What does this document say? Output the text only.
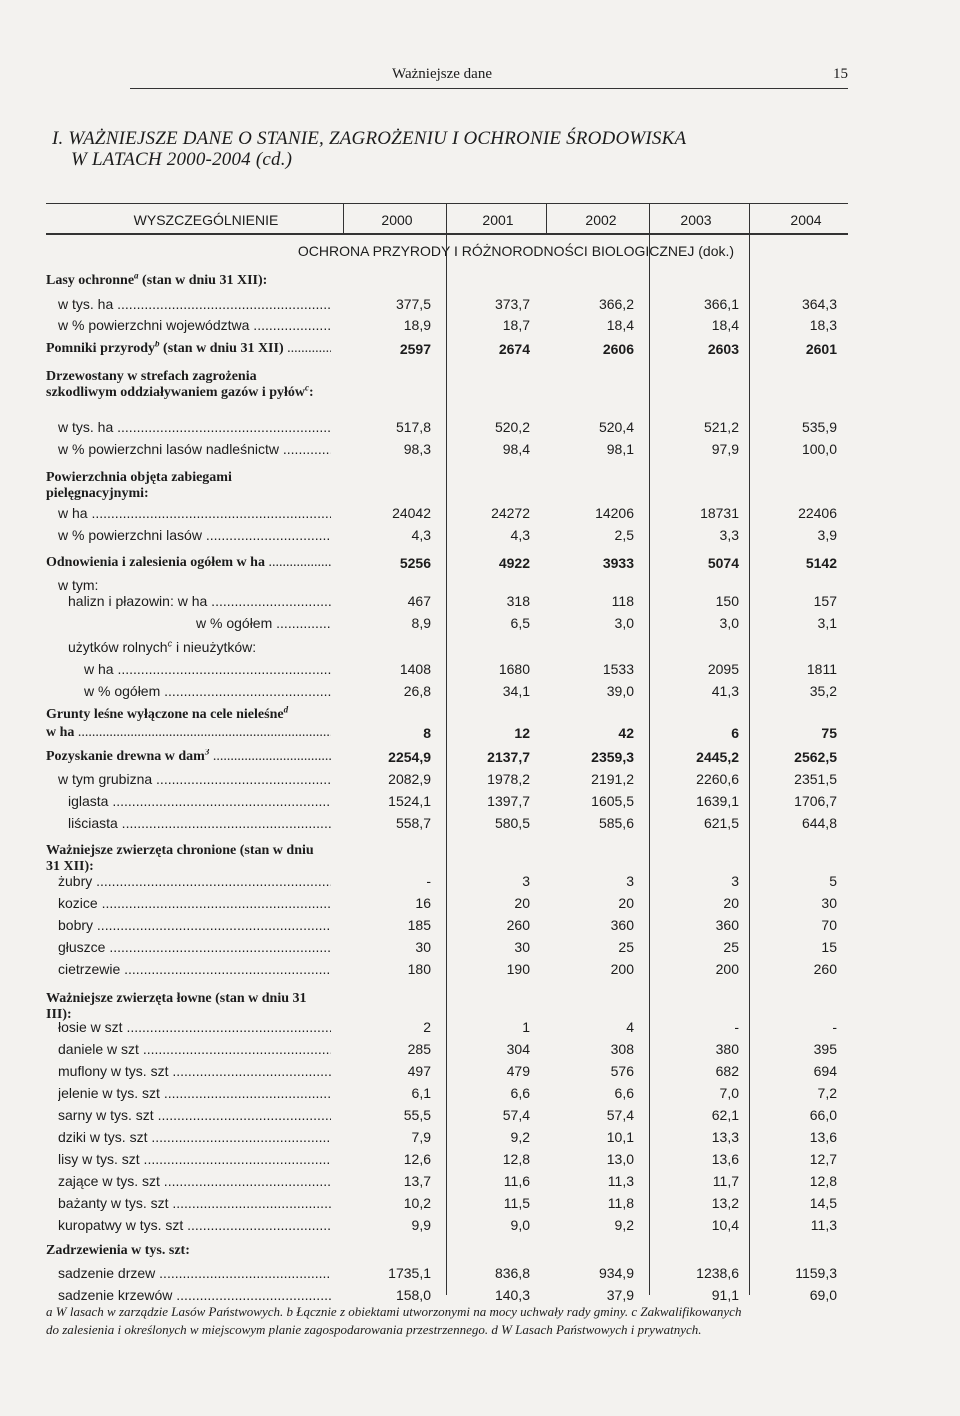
Ważniejsze dane	15
I. WAŻNIEJSZE DANE O STANIE, ZAGROŻENIU I OCHRONIE ŚRODOWISKA
W LATACH 2000-2004 (cd.)
WYSZCZEGÓLNIENIE	2000	2001	2002	2003	2004
OCHRONA PRZYRODY I RÓŻNORODNOŚCI BIOLOGICZNEJ (dok.)
Lasy ochronne$^a$ (stan w dniu 31 XII):
w tys. ha .....	377,5	373,7	366,2	366,1	364,3
w % powierzchni województwa .....	18,9	18,7	18,4	18,4	18,3
Pomniki przyrody$^b$ (stan w dniu 31 XII) .....	2597	2674	2606	2603	2601
Drzewostany w strefach zagrożenia szkodliwym oddziaływaniem gazów i pyłów$^c$:
w tys. ha .....	517,8	520,2	520,4	521,2	535,9
w % powierzchni lasów nadleśnictw .....	98,3	98,4	98,1	97,9	100,0
Powierzchnia objęta zabiegami pielęgnacyjnymi:
w ha .....	24042	24272	14206	18731	22406
w % powierzchni lasów .....	4,3	4,3	2,5	3,3	3,9
Odnowienia i zalesienia ogółem w ha .....	5256	4922	3933	5074	5142
w tym:
halizn i płazowin: w ha .....	467	318	118	150	157
w % ogółem .....	8,9	6,5	3,0	3,0	3,1
użytków rolnych$^c$ i nieużytków:
w ha .....	1408	1680	1533	2095	1811
w % ogółem .....	26,8	34,1	39,0	41,3	35,2
Grunty leśne wyłączone na cele nieleśne$^d$
w ha .....	8	12	42	6	75
Pozyskanie drewna w dam$^3$ .....	2254,9	2137,7	2359,3	2445,2	2562,5
w tym grubizna .....	2082,9	1978,2	2191,2	2260,6	2351,5
iglasta .....	1524,1	1397,7	1605,5	1639,1	1706,7
liściasta .....	558,7	580,5	585,6	621,5	644,8
Ważniejsze zwierzęta chronione (stan w dniu 31 XII):
żubry .....	-	3	3	3	5
kozice .....	16	20	20	20	30
bobry .....	185	260	360	360	70
głuszce .....	30	30	25	25	15
cietrzewie .....	180	190	200	200	260
Ważniejsze zwierzęta łowne (stan w dniu 31 III):
łosie w szt .....	2	1	4	-	-
daniele w szt .....	285	304	308	380	395
muflony w tys. szt .....	497	479	576	682	694
jelenie w tys. szt .....	6,1	6,6	6,6	7,0	7,2
sarny w tys. szt .....	55,5	57,4	57,4	62,1	66,0
dziki w tys. szt .....	7,9	9,2	10,1	13,3	13,6
lisy w tys. szt .....	12,6	12,8	13,0	13,6	12,7
zające w tys. szt .....	13,7	11,6	11,3	11,7	12,8
bażanty w tys. szt .....	10,2	11,5	11,8	13,2	14,5
kuropatwy w tys. szt .....	9,9	9,0	9,2	10,4	11,3
Zadrzewienia w tys. szt:
sadzenie drzew .....	1735,1	836,8	934,9	1238,6	1159,3
sadzenie krzewów .....	158,0	140,3	37,9	91,1	69,0
a W lasach w zarządzie Lasów Państwowych. b Łącznie z obiektami utworzonymi na mocy uchwały rady gminy. c Zakwalifikowanych
do zalesienia i określonych w miejscowym planie zagospodarowania przestrzennego. d W Lasach Państwowych i prywatnych.
